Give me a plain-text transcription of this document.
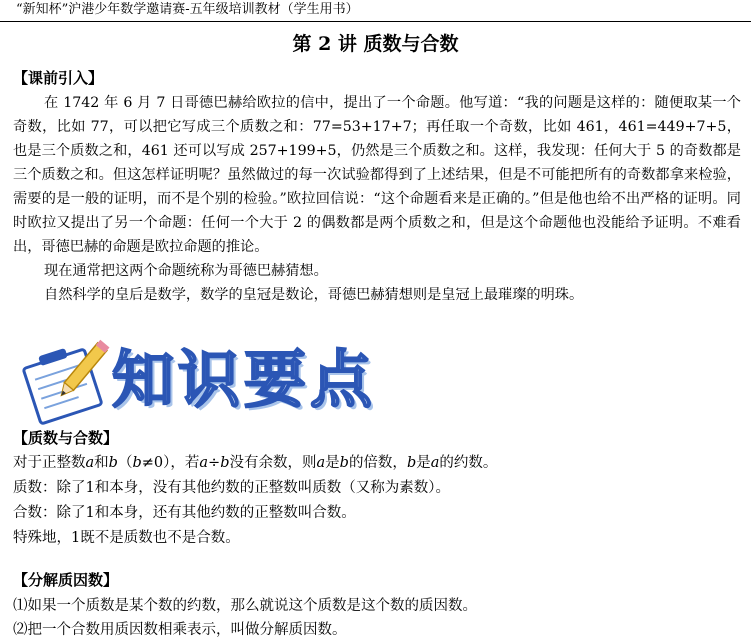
“新知杯”沪港少年数学邀请赛-五年级培训教材（学生用书）
第 2 讲 质数与合数
【课前引入】

在 1742 年 6 月 7 日哥德巴赫给欧拉的信中，提出了一个命题。他写道：“我的问题是这样的：随便取某一个奇数，比如 77，可以把它写成三个质数之和：77=53+17+7；再任取一个奇数，比如 461，461=449+7+5，也是三个质数之和，461 还可以写成 257+199+5，仍然是三个质数之和。这样，我发现：任何大于 5 的奇数都是三个质数之和。但这怎样证明呢？虽然做过的每一次试验都得到了上述结果，但是不可能把所有的奇数都拿来检验，需要的是一般的证明，而不是个别的检验。”欧拉回信说：“这个命题看来是正确的。”但是他也给不出严格的证明。同时欧拉又提出了另一个命题：任何一个大于 2 的偶数都是两个质数之和，但是这个命题他也没能给予证明。不难看出，哥德巴赫的命题是欧拉命题的推论。

现在通常把这两个命题统称为哥德巴赫猜想。

自然科学的皇后是数学，数学的皇冠是数论，哥德巴赫猜想则是皇冠上最璀璨的明珠。

知识要点
【质数与合数】
对于正整数a和b（b≠0），若a÷b没有余数，则a是b的倍数，b是a的约数。
质数：除了1和本身，没有其他约数的正整数叫质数（又称为素数）。
合数：除了1和本身，还有其他约数的正整数叫合数。
特殊地，1既不是质数也不是合数。
【分解质因数】
⑴如果一个质数是某个数的约数，那么就说这个质数是这个数的质因数。
⑵把一个合数用质因数相乘表示，叫做分解质因数。
